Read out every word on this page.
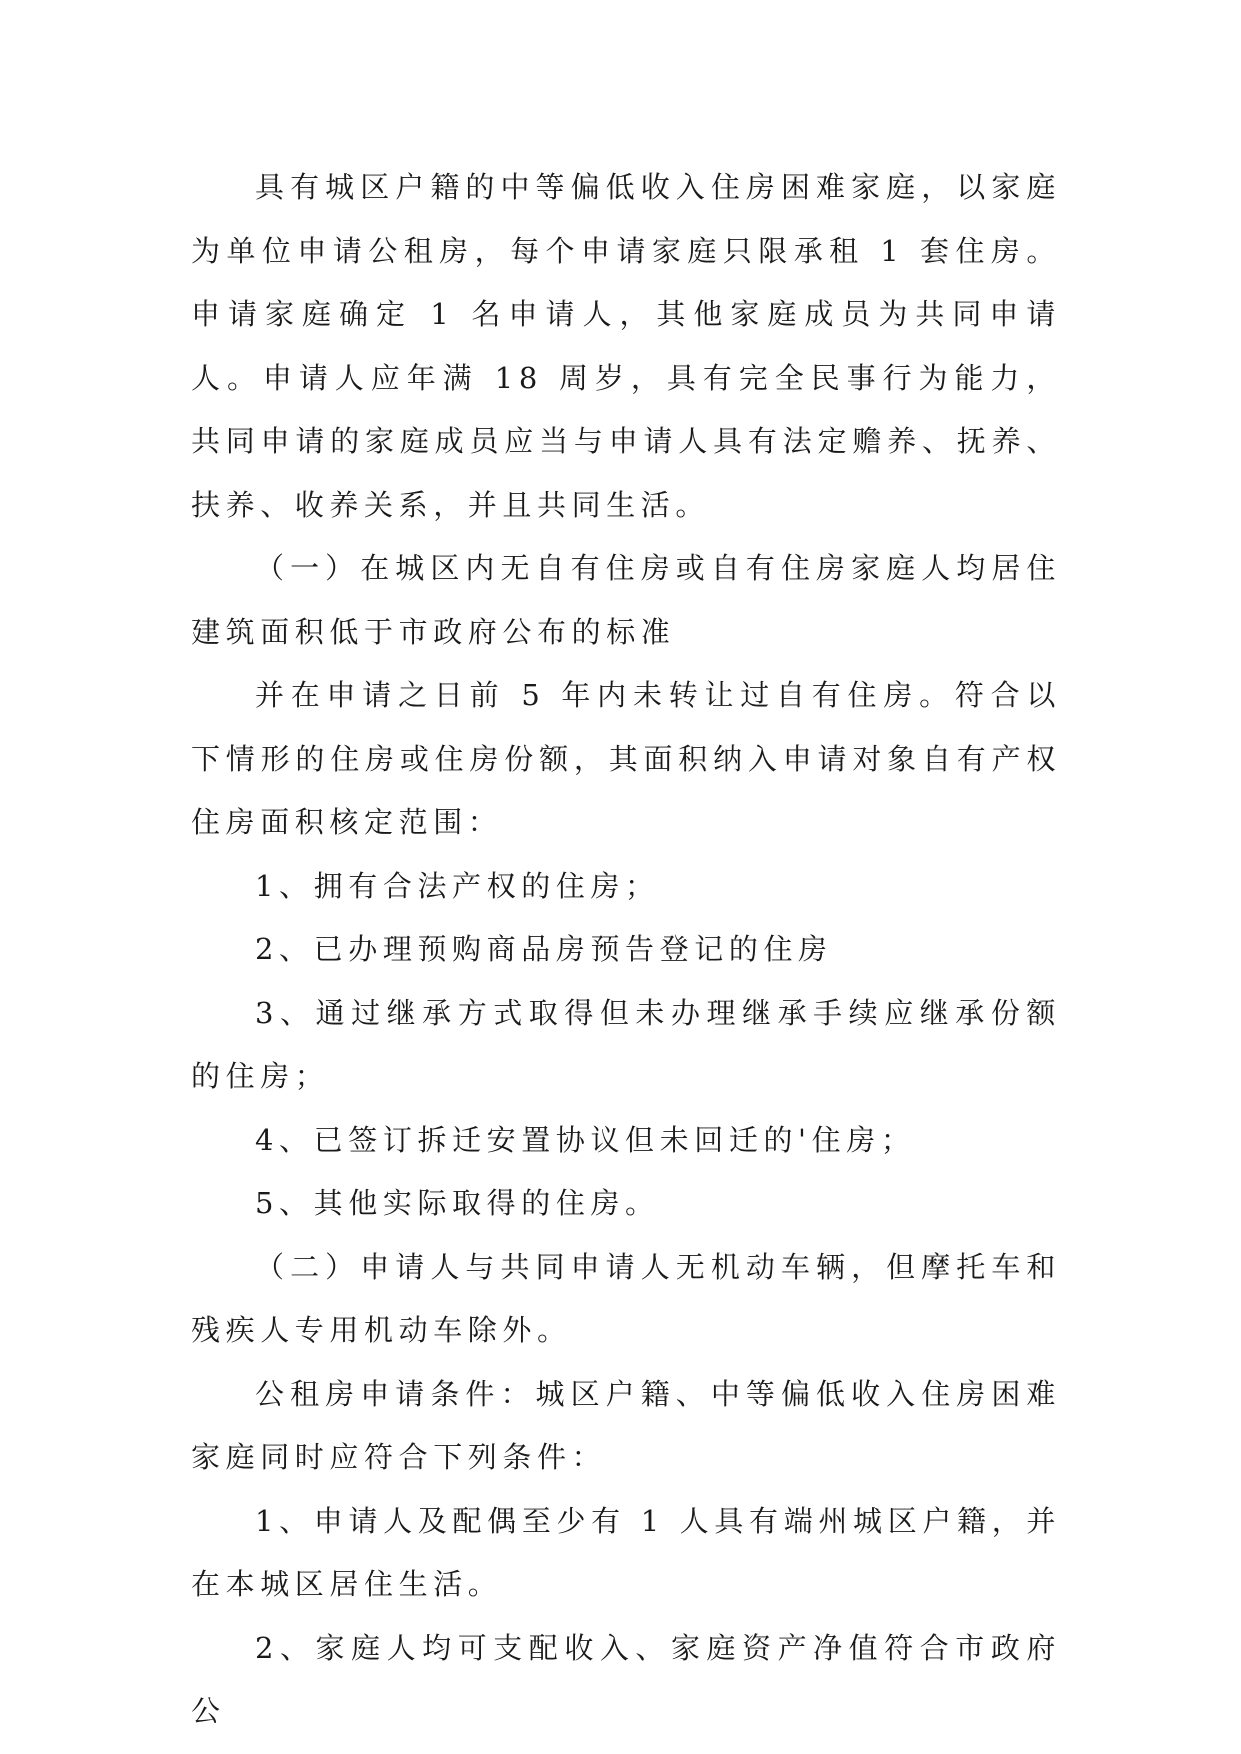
具有城区户籍的中等偏低收入住房困难家庭，以家庭为单位申请公租房，每个申请家庭只限承租 1 套住房。申请家庭确定 1 名申请人，其他家庭成员为共同申请人。申请人应年满 18 周岁，具有完全民事行为能力，共同申请的家庭成员应当与申请人具有法定赡养、抚养、扶养、收养关系，并且共同生活。

（一）在城区内无自有住房或自有住房家庭人均居住建筑面积低于市政府公布的标准

并在申请之日前 5 年内未转让过自有住房。符合以下情形的住房或住房份额，其面积纳入申请对象自有产权住房面积核定范围：

1、拥有合法产权的住房；

2、已办理预购商品房预告登记的住房

3、通过继承方式取得但未办理继承手续应继承份额的住房；

4、已签订拆迁安置协议但未回迁的'住房；

5、其他实际取得的住房。

（二）申请人与共同申请人无机动车辆，但摩托车和残疾人专用机动车除外。

公租房申请条件：城区户籍、中等偏低收入住房困难家庭同时应符合下列条件：

1、申请人及配偶至少有 1 人具有端州城区户籍，并在本城区居住生活。

2、家庭人均可支配收入、家庭资产净值符合市政府公
